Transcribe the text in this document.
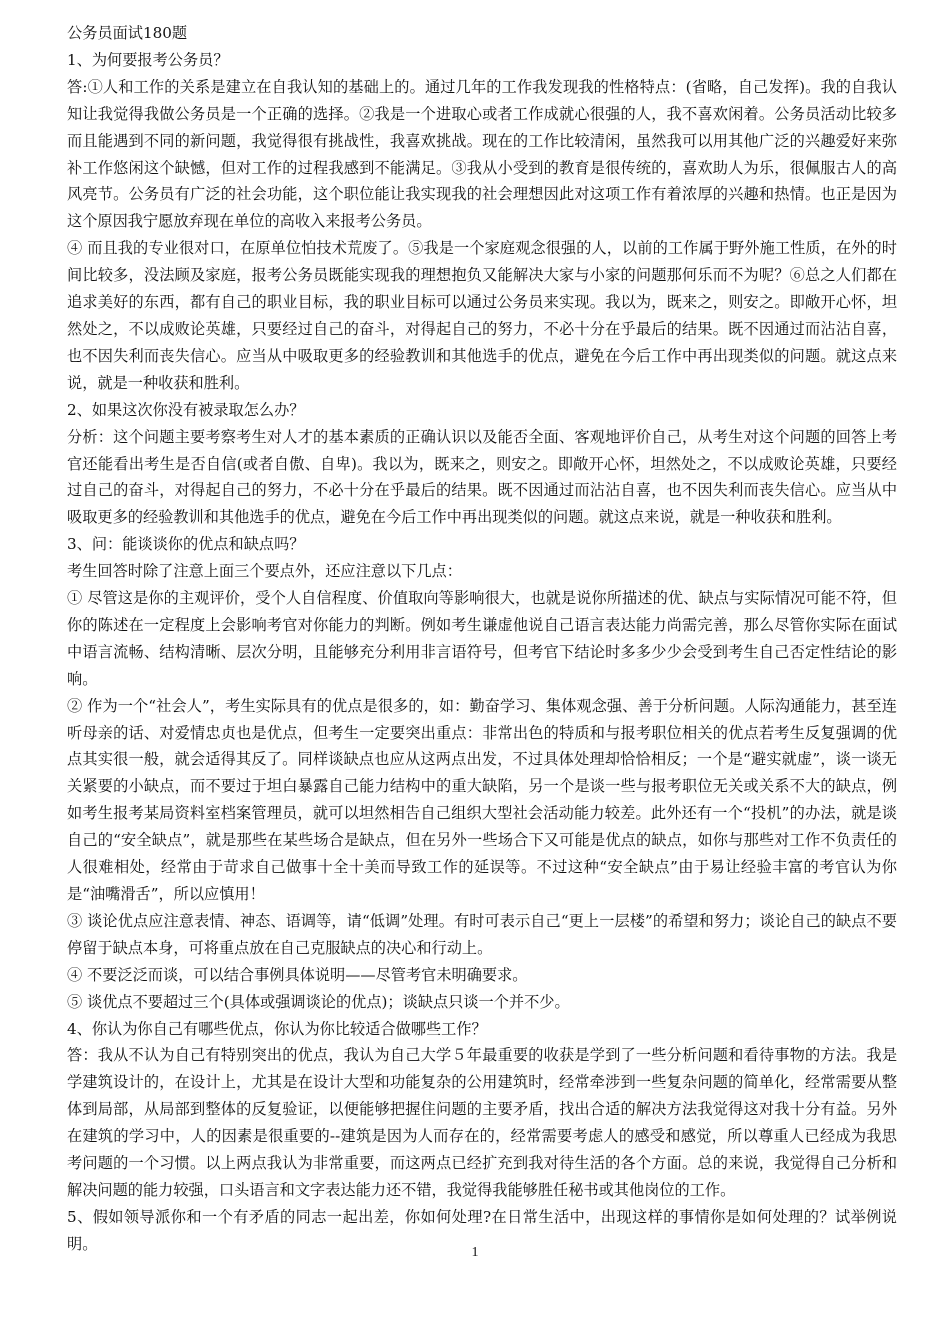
公务员面试180题

1、为何要报考公务员？

答:①人和工作的关系是建立在自我认知的基础上的。通过几年的工作我发现我的性格特点：(省略，自己发挥)。我的自我认知让我觉得我做公务员是一个正确的选择。②我是一个进取心或者工作成就心很强的人，我不喜欢闲着。公务员活动比较多而且能遇到不同的新问题，我觉得很有挑战性，我喜欢挑战。现在的工作比较清闲，虽然我可以用其他广泛的兴趣爱好来弥补工作悠闲这个缺憾，但对工作的过程我感到不能满足。③我从小受到的教育是很传统的，喜欢助人为乐，很佩服古人的高风亮节。公务员有广泛的社会功能，这个职位能让我实现我的社会理想因此对这项工作有着浓厚的兴趣和热情。也正是因为这个原因我宁愿放弃现在单位的高收入来报考公务员。

④ 而且我的专业很对口，在原单位怕技术荒废了。⑤我是一个家庭观念很强的人，以前的工作属于野外施工性质，在外的时间比较多，没法顾及家庭，报考公务员既能实现我的理想抱负又能解决大家与小家的问题那何乐而不为呢？⑥总之人们都在追求美好的东西，都有自己的职业目标，我的职业目标可以通过公务员来实现。我以为，既来之，则安之。即敞开心怀，坦然处之，不以成败论英雄，只要经过自己的奋斗，对得起自己的努力，不必十分在乎最后的结果。既不因通过而沾沾自喜，也不因失利而丧失信心。应当从中吸取更多的经验教训和其他选手的优点，避免在今后工作中再出现类似的问题。就这点来说，就是一种收获和胜利。

2、如果这次你没有被录取怎么办？

分析：这个问题主要考察考生对人才的基本素质的正确认识以及能否全面、客观地评价自己，从考生对这个问题的回答上考官还能看出考生是否自信(或者自傲、自卑)。我以为，既来之，则安之。即敞开心怀，坦然处之，不以成败论英雄，只要经过自己的奋斗，对得起自己的努力，不必十分在乎最后的结果。既不因通过而沾沾自喜，也不因失利而丧失信心。应当从中吸取更多的经验教训和其他选手的优点，避免在今后工作中再出现类似的问题。就这点来说，就是一种收获和胜利。

3、问：能谈谈你的优点和缺点吗？

考生回答时除了注意上面三个要点外，还应注意以下几点：

① 尽管这是你的主观评价，受个人自信程度、价值取向等影响很大，也就是说你所描述的优、缺点与实际情况可能不符，但你的陈述在一定程度上会影响考官对你能力的判断。例如考生谦虚他说自己语言表达能力尚需完善，那么尽管你实际在面试中语言流畅、结构清晰、层次分明，且能够充分利用非言语符号，但考官下结论时多多少少会受到考生自己否定性结论的影响。

② 作为一个“社会人”，考生实际具有的优点是很多的，如：勤奋学习、集体观念强、善于分析问题。人际沟通能力，甚至连听母亲的话、对爱情忠贞也是优点，但考生一定要突出重点：非常出色的特质和与报考职位相关的优点若考生反复强调的优点其实很一般，就会适得其反了。同样谈缺点也应从这两点出发，不过具体处理却恰恰相反；一个是“避实就虚”，谈一谈无关紧要的小缺点，而不要过于坦白暴露自己能力结构中的重大缺陷，另一个是谈一些与报考职位无关或关系不大的缺点，例如考生报考某局资料室档案管理员，就可以坦然相告自己组织大型社会活动能力较差。此外还有一个“投机”的办法，就是谈自己的“安全缺点”，就是那些在某些场合是缺点，但在另外一些场合下又可能是优点的缺点，如你与那些对工作不负责任的人很难相处，经常由于苛求自己做事十全十美而导致工作的延误等。不过这种“安全缺点”由于易让经验丰富的考官认为你是“油嘴滑舌”，所以应慎用！

③ 谈论优点应注意表情、神态、语调等，请“低调”处理。有时可表示自己“更上一层楼”的希望和努力；谈论自己的缺点不要停留于缺点本身，可将重点放在自己克服缺点的决心和行动上。

④ 不要泛泛而谈，可以结合事例具体说明——尽管考官未明确要求。

⑤ 谈优点不要超过三个(具体或强调谈论的优点)；谈缺点只谈一个并不少。

4、你认为你自己有哪些优点，你认为你比较适合做哪些工作？

答：我从不认为自己有特别突出的优点，我认为自己大学５年最重要的收获是学到了一些分析问题和看待事物的方法。我是学建筑设计的，在设计上，尤其是在设计大型和功能复杂的公用建筑时，经常牵涉到一些复杂问题的简单化，经常需要从整体到局部，从局部到整体的反复验证，以便能够把握住问题的主要矛盾，找出合适的解决方法我觉得这对我十分有益。另外在建筑的学习中，人的因素是很重要的--建筑是因为人而存在的，经常需要考虑人的感受和感觉，所以尊重人已经成为我思考问题的一个习惯。以上两点我认为非常重要，而这两点已经扩充到我对待生活的各个方面。总的来说，我觉得自己分析和解决问题的能力较强，口头语言和文字表达能力还不错，我觉得我能够胜任秘书或其他岗位的工作。

5、假如领导派你和一个有矛盾的同志一起出差，你如何处理?在日常生活中，出现这样的事情你是如何处理的？试举例说明。	1
